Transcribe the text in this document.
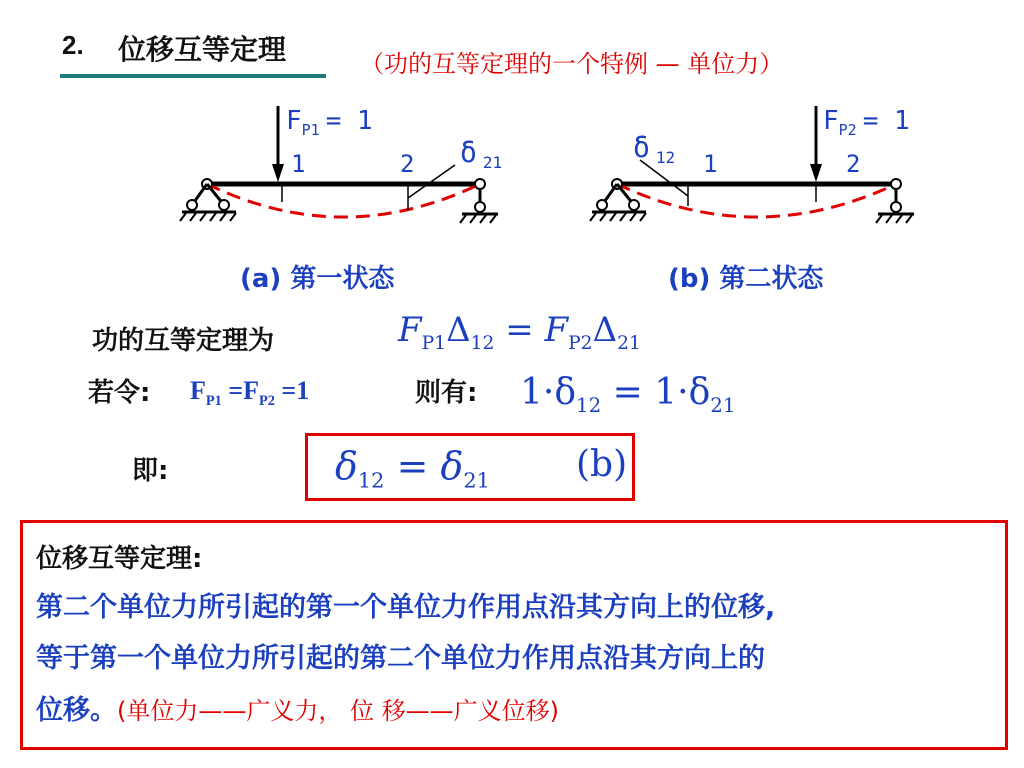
2. 位移互等定理	（功的互等定理的一个特例 — 单位力）
$F_{P1} = 1$
1	2 δ $_{21}$
$F_{P2} = 1$
1	2
δ $_{12}$
(a) 第一状态	(b) 第二状态
功的互等定理为	$F_{P1}\Delta_{12} = F_{P2}\Delta_{21}$
若令: $F_{P1} =F_{P2} =1$	则有: $1\cdot\delta_{12} = 1\cdot\delta_{21}$
即:	$\delta_{12} = \delta_{21}$ (b)
位移互等定理:
第二个单位力所引起的第一个单位力作用点沿其方向上的位移,
等于第一个单位力所引起的第二个单位力作用点沿其方向上的
位移。(单位力——广义力， 位 移——广义位移)
